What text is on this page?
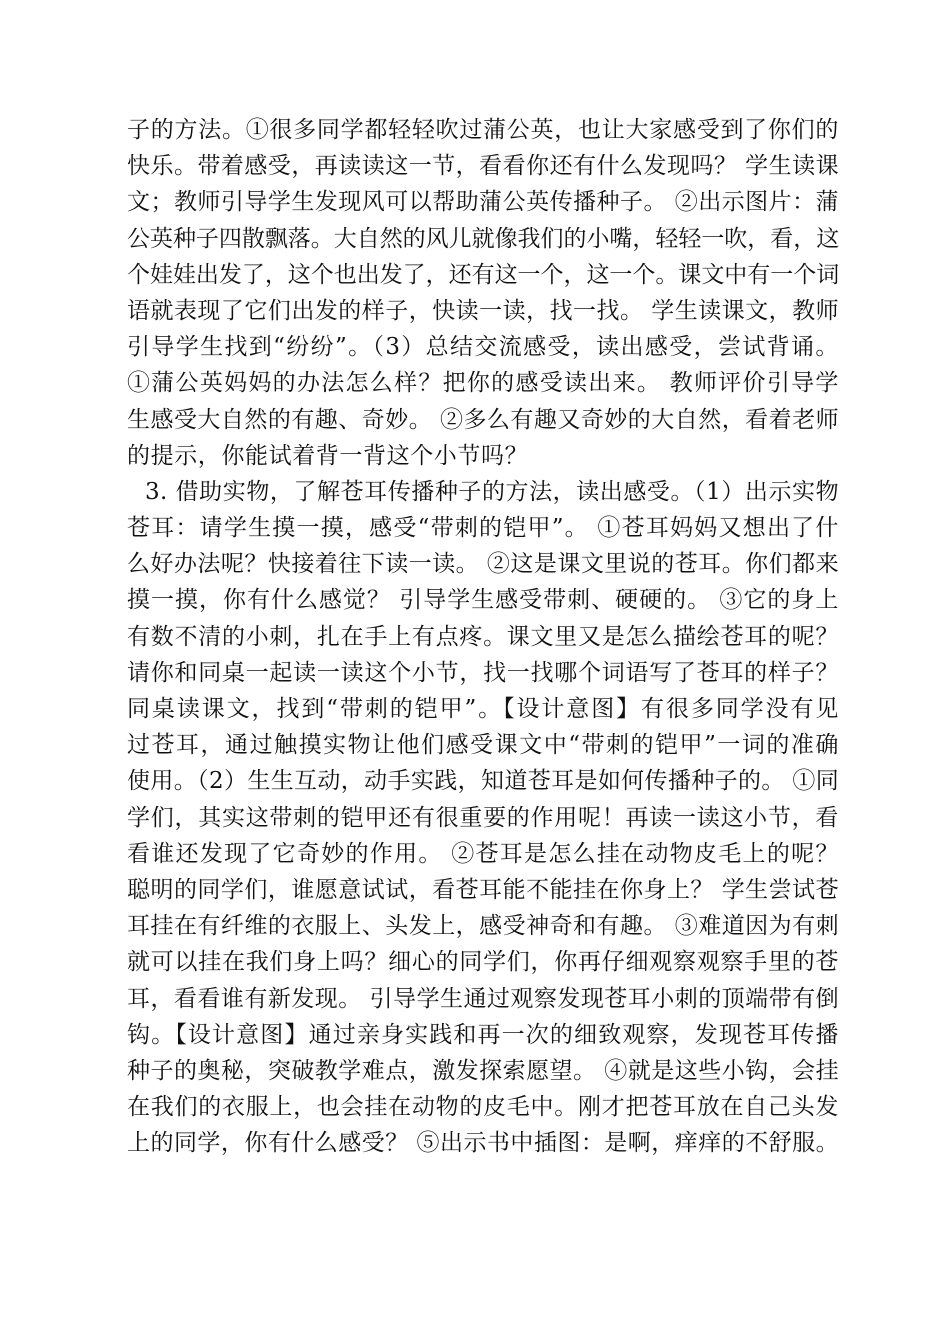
子的方法。①很多同学都轻轻吹过蒲公英，也让大家感受到了你们的
快乐。带着感受，再读读这一节，看看你还有什么发现吗？ 学生读课
文；教师引导学生发现风可以帮助蒲公英传播种子。 ②出示图片：蒲
公英种子四散飘落。大自然的风儿就像我们的小嘴，轻轻一吹，看，这
个娃娃出发了，这个也出发了，还有这一个，这一个。课文中有一个词
语就表现了它们出发的样子，快读一读，找一找。 学生读课文，教师
引导学生找到“纷纷”。（3）总结交流感受，读出感受，尝试背诵。
①蒲公英妈妈的办法怎么样？把你的感受读出来。 教师评价引导学
生感受大自然的有趣、奇妙。 ②多么有趣又奇妙的大自然，看着老师
的提示，你能试着背一背这个小节吗？
3. 借助实物，了解苍耳传播种子的方法，读出感受。（1）出示实物
苍耳：请学生摸一摸，感受“带刺的铠甲”。 ①苍耳妈妈又想出了什
么好办法呢？快接着往下读一读。 ②这是课文里说的苍耳。你们都来
摸一摸，你有什么感觉？ 引导学生感受带刺、硬硬的。 ③它的身上
有数不清的小刺，扎在手上有点疼。课文里又是怎么描绘苍耳的呢？
请你和同桌一起读一读这个小节，找一找哪个词语写了苍耳的样子？
同桌读课文，找到“带刺的铠甲”。【设计意图】有很多同学没有见
过苍耳，通过触摸实物让他们感受课文中“带刺的铠甲”一词的准确
使用。（2）生生互动，动手实践，知道苍耳是如何传播种子的。 ①同
学们，其实这带刺的铠甲还有很重要的作用呢！再读一读这小节，看
看谁还发现了它奇妙的作用。 ②苍耳是怎么挂在动物皮毛上的呢？
聪明的同学们，谁愿意试试，看苍耳能不能挂在你身上？ 学生尝试苍
耳挂在有纤维的衣服上、头发上，感受神奇和有趣。 ③难道因为有刺
就可以挂在我们身上吗？细心的同学们，你再仔细观察观察手里的苍
耳，看看谁有新发现。 引导学生通过观察发现苍耳小刺的顶端带有倒
钩。【设计意图】通过亲身实践和再一次的细致观察，发现苍耳传播
种子的奥秘，突破教学难点，激发探索愿望。 ④就是这些小钩，会挂
在我们的衣服上，也会挂在动物的皮毛中。刚才把苍耳放在自己头发
上的同学，你有什么感受？ ⑤出示书中插图：是啊，痒痒的不舒服。
